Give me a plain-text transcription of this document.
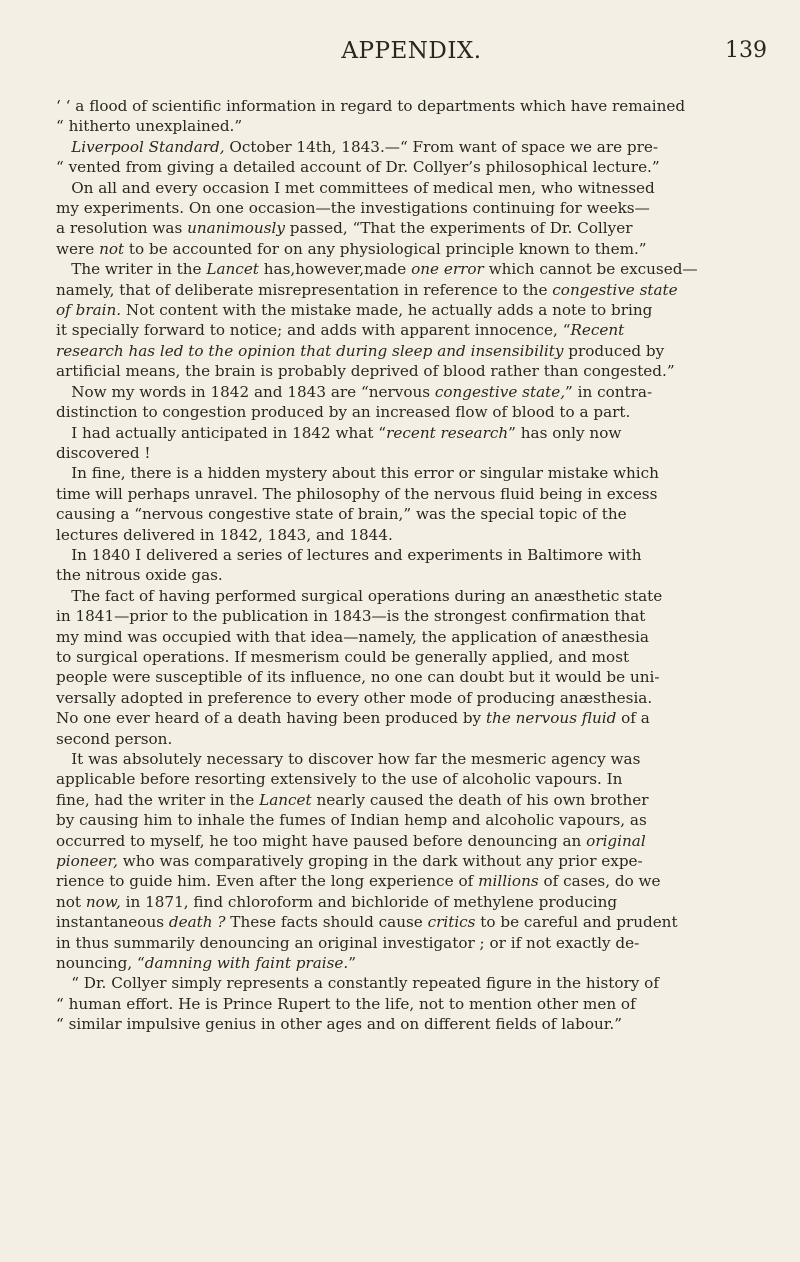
APPENDIX.	139

‘ ‘ a flood of scientific information in regard to departments which have remained

“ hitherto unexplained.”

 Liverpool Standard, October 14th, 1843.—“ From want of space we are pre-

“ vented from giving a detailed account of Dr. Collyer’s philosophical lecture.”

 On all and every occasion I met committees of medical men, who witnessed

my experiments. On one occasion—the investigations continuing for weeks—

a resolution was unanimously passed, “That the experiments of Dr. Collyer

were not to be accounted for on any physiological principle known to them.”

 The writer in the Lancet has,however,made one error which cannot be excused—

namely, that of deliberate misrepresentation in reference to the congestive state

of brain. Not content with the mistake made, he actually adds a note to bring

it specially forward to notice; and adds with apparent innocence, “Recent

research has led to the opinion that during sleep and insensibility produced by

artificial means, the brain is probably deprived of blood rather than congested.”

 Now my words in 1842 and 1843 are “nervous congestive state,” in contra-

distinction to congestion produced by an increased flow of blood to a part.

 I had actually anticipated in 1842 what “recent research” has only now

discovered !

 In fine, there is a hidden mystery about this error or singular mistake which

time will perhaps unravel. The philosophy of the nervous fluid being in excess

causing a “nervous congestive state of brain,” was the special topic of the

lectures delivered in 1842, 1843, and 1844.

 In 1840 I delivered a series of lectures and experiments in Baltimore with

the nitrous oxide gas.

 The fact of having performed surgical operations during an anæsthetic state

in 1841—prior to the publication in 1843—is the strongest confirmation that

my mind was occupied with that idea—namely, the application of anæsthesia

to surgical operations. If mesmerism could be generally applied, and most

people were susceptible of its influence, no one can doubt but it would be uni-

versally adopted in preference to every other mode of producing anæsthesia.

No one ever heard of a death having been produced by the nervous fluid of a

second person.

 It was absolutely necessary to discover how far the mesmeric agency was

applicable before resorting extensively to the use of alcoholic vapours. In

fine, had the writer in the Lancet nearly caused the death of his own brother

by causing him to inhale the fumes of Indian hemp and alcoholic vapours, as

occurred to myself, he too might have paused before denouncing an original

pioneer, who was comparatively groping in the dark without any prior expe-

rience to guide him. Even after the long experience of millions of cases, do we

not now, in 1871, find chloroform and bichloride of methylene producing

instantaneous death ? These facts should cause critics to be careful and prudent

in thus summarily denouncing an original investigator ; or if not exactly de-

nouncing, “damning with faint praise.”

 “ Dr. Collyer simply represents a constantly repeated figure in the history of

“ human effort. He is Prince Rupert to the life, not to mention other men of

“ similar impulsive genius in other ages and on different fields of labour.”
